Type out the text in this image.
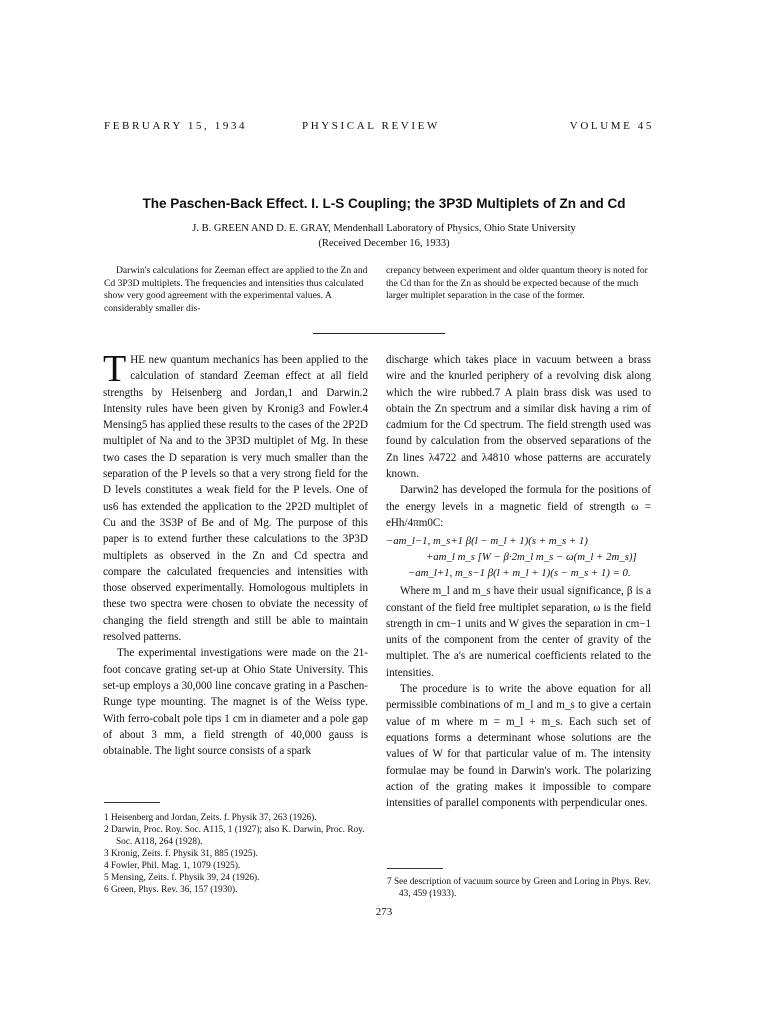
FEBRUARY 15, 1934	PHYSICAL REVIEW	VOLUME 45
The Paschen-Back Effect. I. L-S Coupling; the 3P3D Multiplets of Zn and Cd
J. B. GREEN AND D. E. GRAY, Mendenhall Laboratory of Physics, Ohio State University
(Received December 16, 1933)

Darwin's calculations for Zeeman effect are applied to the Zn and Cd 3P3D multiplets. The frequencies and intensities thus calculated show very good agreement with the experimental values. A considerably smaller dis-

crepancy between experiment and older quantum theory is noted for the Cd than for the Zn as should be expected because of the much larger multiplet separation in the case of the former.

T HE new quantum mechanics has been applied to the calculation of standard Zeeman effect at all field strengths by Heisenberg and Jordan,1 and Darwin.2 Intensity rules have been given by Kronig3 and Fowler.4 Mensing5 has applied these results to the cases of the 2P2D multiplet of Na and to the 3P3D multiplet of Mg. In these two cases the D separation is very much smaller than the separation of the P levels so that a very strong field for the D levels constitutes a weak field for the P levels. One of us6 has extended the application to the 2P2D multiplet of Cu and the 3S3P of Be and of Mg. The purpose of this paper is to extend further these calculations to the 3P3D multiplets as observed in the Zn and Cd spectra and compare the calculated frequencies and intensities with those observed experimentally. Homologous multiplets in these two spectra were chosen to obviate the necessity of changing the field strength and still be able to maintain resolved patterns.

The experimental investigations were made on the 21-foot concave grating set-up at Ohio State University. This set-up employs a 30,000 line concave grating in a Paschen-Runge type mounting. The magnet is of the Weiss type. With ferro-cobalt pole tips 1 cm in diameter and a pole gap of about 3 mm, a field strength of 40,000 gauss is obtainable. The light source consists of a spark

1 Heisenberg and Jordan, Zeits. f. Physik 37, 263 (1926).
2 Darwin, Proc. Roy. Soc. A115, 1 (1927); also K. Darwin, Proc. Roy. Soc. A118, 264 (1928).
3 Kronig, Zeits. f. Physik 31, 885 (1925).
4 Fowler, Phil. Mag. 1, 1079 (1925).
5 Mensing, Zeits. f. Physik 39, 24 (1926).
6 Green, Phys. Rev. 36, 157 (1930).

discharge which takes place in vacuum between a brass wire and the knurled periphery of a revolving disk along which the wire rubbed.7 A plain brass disk was used to obtain the Zn spectrum and a similar disk having a rim of cadmium for the Cd spectrum. The field strength used was found by calculation from the observed separations of the Zn lines λ4722 and λ4810 whose patterns are accurately known.

Darwin2 has developed the formula for the positions of the energy levels in a magnetic field of strength ω = eHh/4πm0C:

−am_l−1, m_s+1 β(l − m_l + 1)(s + m_s + 1)
+am_l m_s [W − β·2m_l m_s − ω(m_l + 2m_s)]
−am_l+1, m_s−1 β(l + m_l + 1)(s − m_s + 1) = 0.

Where m_l and m_s have their usual significance, β is a constant of the field free multiplet separation, ω is the field strength in cm−1 units and W gives the separation in cm−1 units of the component from the center of gravity of the multiplet. The a's are numerical coefficients related to the intensities.

The procedure is to write the above equation for all permissible combinations of m_l and m_s to give a certain value of m where m = m_l + m_s. Each such set of equations forms a determinant whose solutions are the values of W for that particular value of m. The intensity formulae may be found in Darwin's work. The polarizing action of the grating makes it impossible to compare intensities of parallel components with perpendicular ones.

7 See description of vacuum source by Green and Loring in Phys. Rev. 43, 459 (1933).
273
